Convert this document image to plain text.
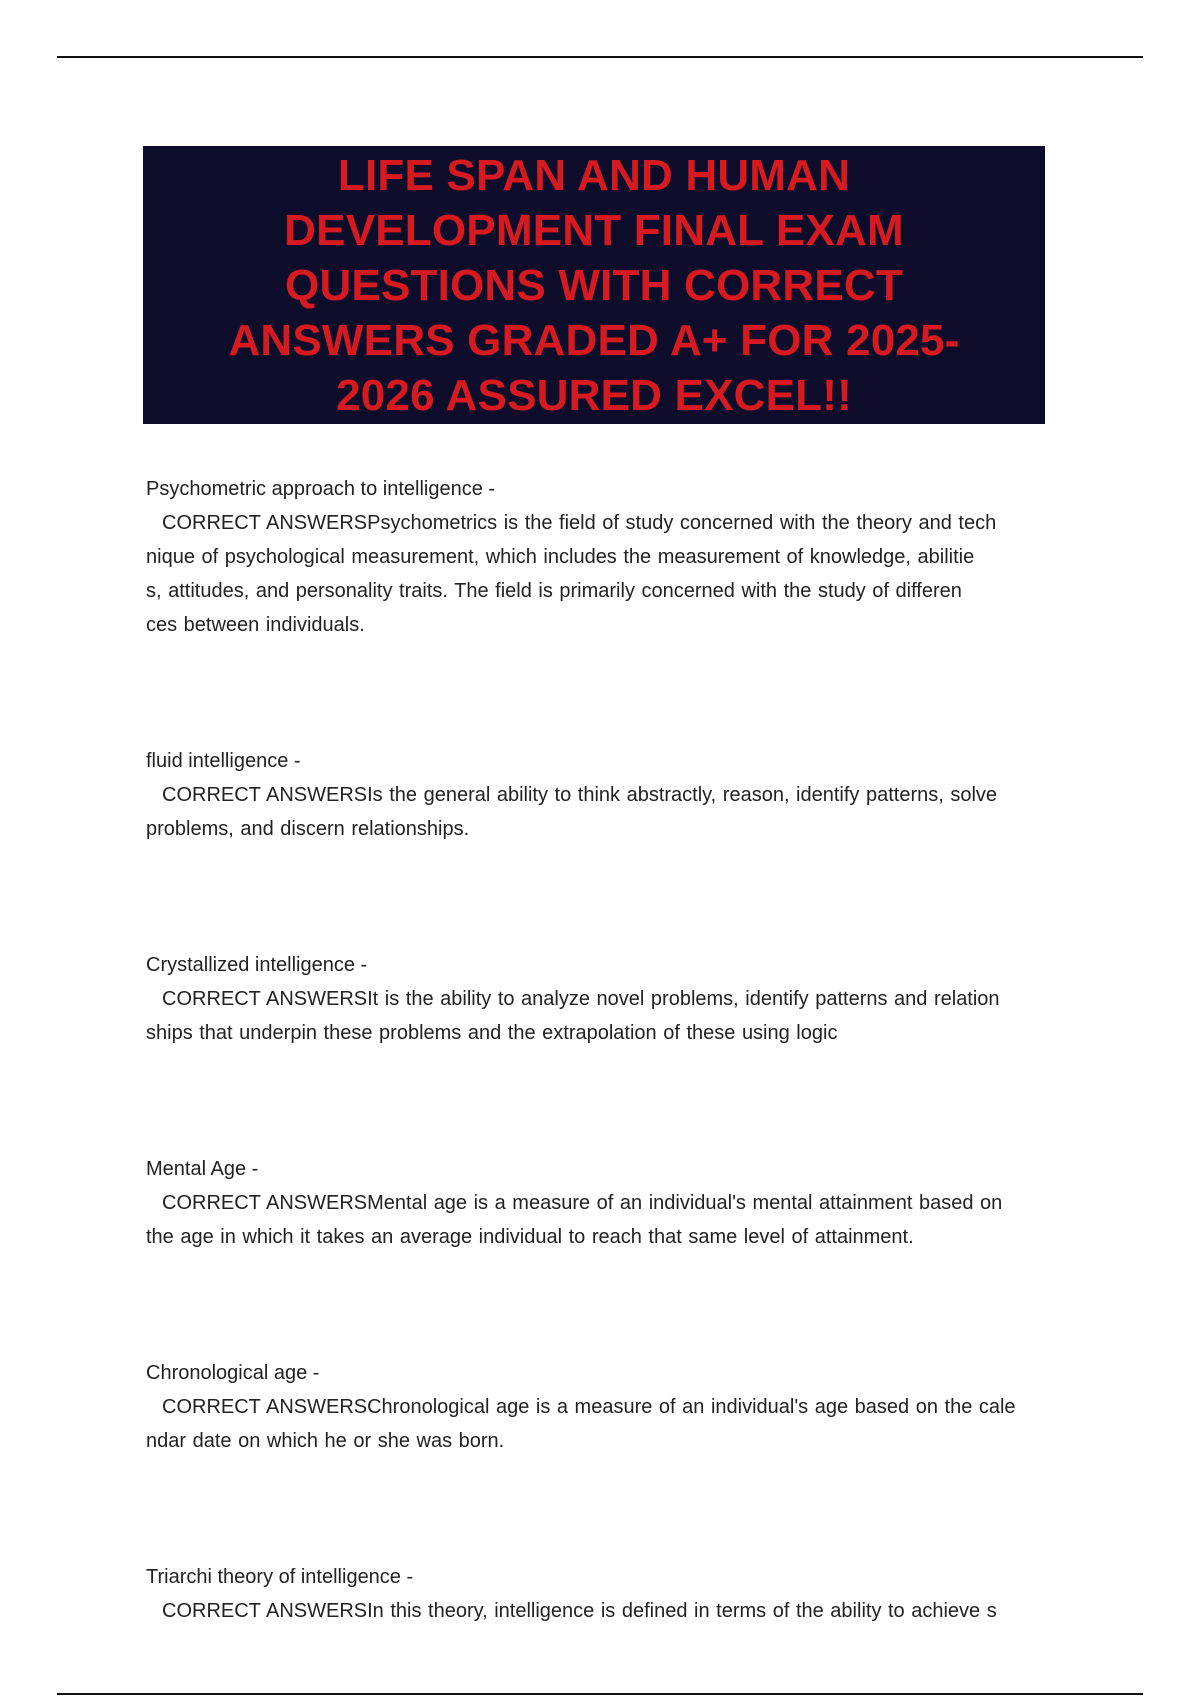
LIFE SPAN AND HUMAN
DEVELOPMENT FINAL EXAM
QUESTIONS WITH CORRECT
ANSWERS GRADED A+ FOR 2025-
2026 ASSURED EXCEL!!
Psychometric approach to intelligence -
CORRECT ANSWERSPsychometrics is the field of study concerned with the theory and tech
nique of psychological measurement, which includes the measurement of knowledge, abilitie
s, attitudes, and personality traits. The field is primarily concerned with the study of differen
ces between individuals.
fluid intelligence -
CORRECT ANSWERSIs the general ability to think abstractly, reason, identify patterns, solve
problems, and discern relationships.
Crystallized intelligence -
CORRECT ANSWERSIt is the ability to analyze novel problems, identify patterns and relation
ships that underpin these problems and the extrapolation of these using logic
Mental Age -
CORRECT ANSWERSMental age is a measure of an individual's mental attainment based on
the age in which it takes an average individual to reach that same level of attainment.
Chronological age -
CORRECT ANSWERSChronological age is a measure of an individual's age based on the cale
ndar date on which he or she was born.
Triarchi theory of intelligence -
CORRECT ANSWERSIn this theory, intelligence is defined in terms of the ability to achieve s
